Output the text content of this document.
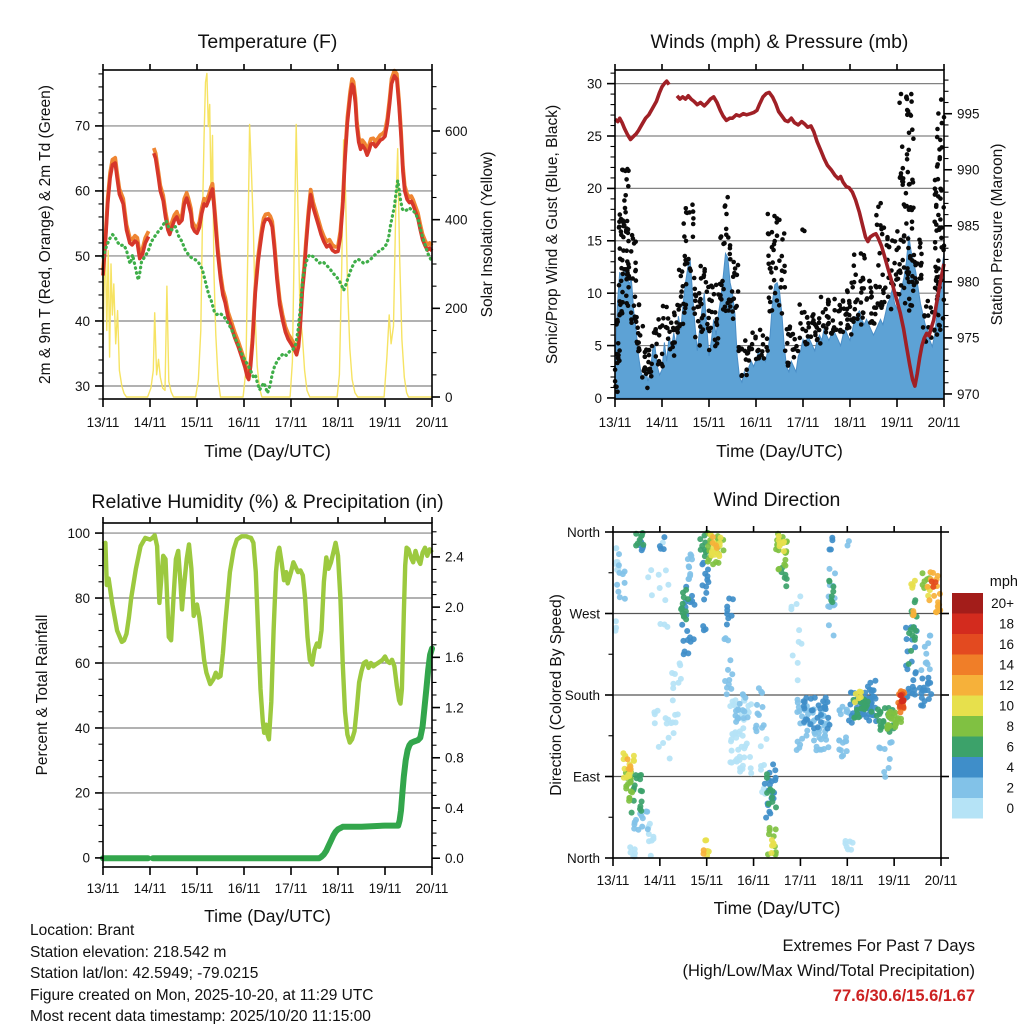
13/11 14/11 15/11 16/11 17/11 18/11 19/11 20/11
Time (Day/UTC)
Temperature (F)
30
40
50
60
70
2m & 9m T (Red, Orange) & 2m Td (Green)
0
200
400
600
Solar Insolation (Yellow)
13/11 14/11 15/11 16/11 17/11 18/11 19/11 20/11
Time (Day/UTC)
Winds (mph) & Pressure (mb)
0
5
10
15
20
25
30
Sonic/Prop Wind & Gust (Blue, Black)
970
975
980
985
990
995
Station Pressure (Maroon)
13/11 14/11 15/11 16/11 17/11 18/11 19/11 20/11
Time (Day/UTC)
Relative Humidity (%) & Precipitation (in)
0
20
40
60
80
100
Percent & Total Rainfall
0.0
0.4
0.8
1.2
1.6
2.0
2.4
13/11 14/11 15/11 16/11 17/11 18/11 19/11 20/11
Time (Day/UTC)
Wind Direction
North
West
South
East
North
Direction (Colored By Speed)
mph
20+
18
16
14
12
10
8
6
4
2
0
Location: Brant
Station elevation: 218.542 m
Station lat/lon: 42.5949; -79.0215
Figure created on Mon, 2025-10-20, at 11:29 UTC
Most recent data timestamp: 2025/10/20 11:15:00
Extremes For Past 7 Days
(High/Low/Max Wind/Total Precipitation)
77.6/30.6/15.6/1.67
